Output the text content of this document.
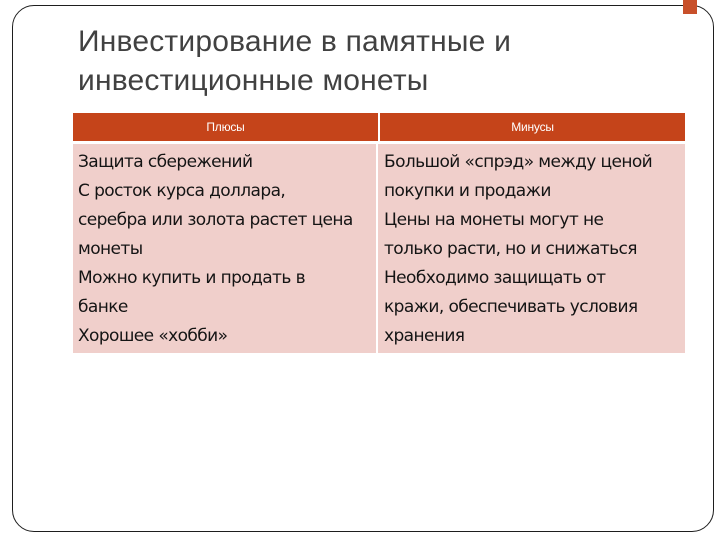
Инвестирование в памятные и
инвестиционные монеты
Плюсы	Минусы
Защита сбережений
С росток курса доллара,
серебра или золота растет цена
монеты
Можно купить и продать в
банке
Хорошее «хобби»
Большой «спрэд» между ценой
покупки и продажи
Цены на монеты могут не
только расти, но и снижаться
Необходимо защищать от
кражи, обеспечивать условия
хранения
